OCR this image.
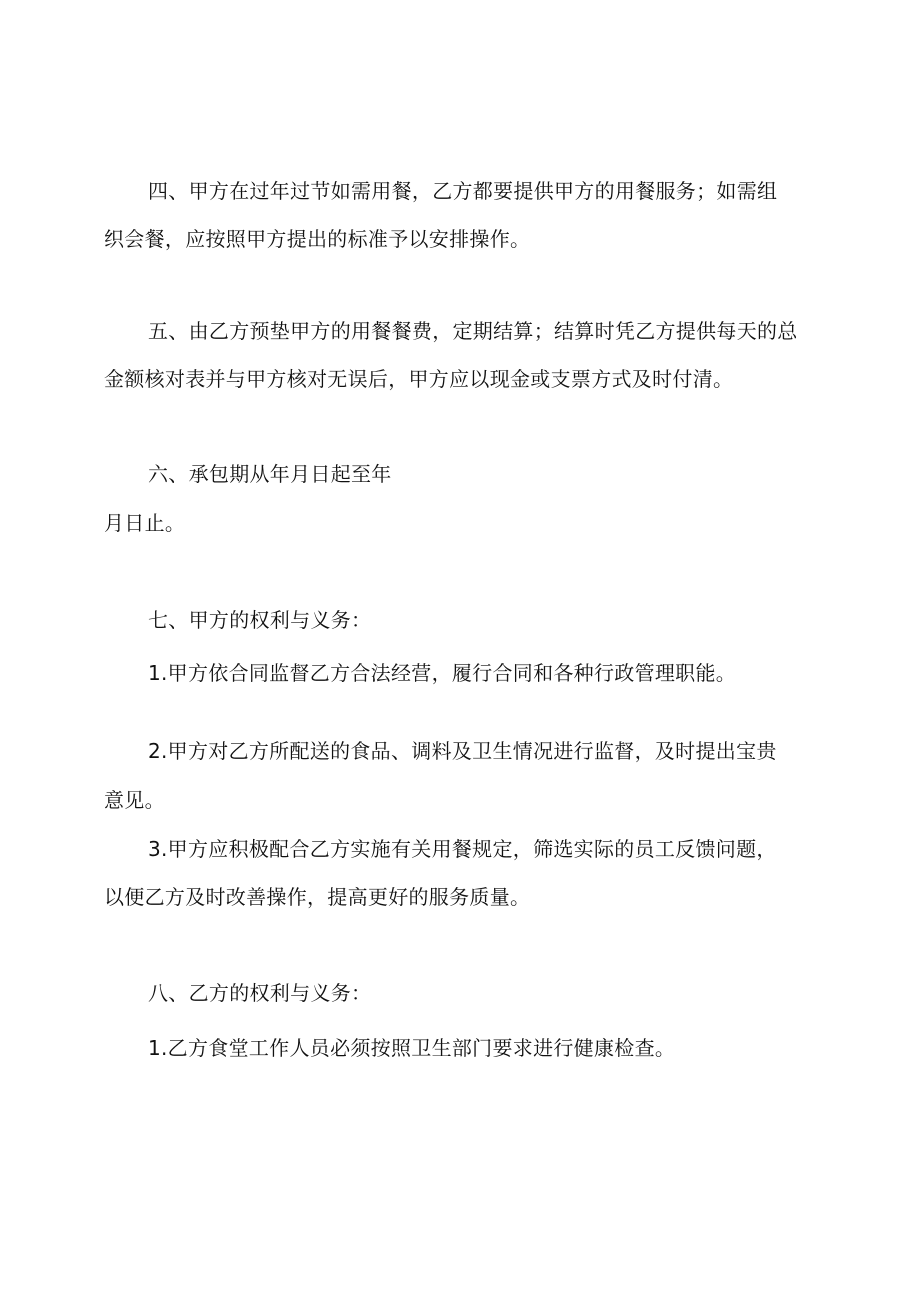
四、甲方在过年过节如需用餐，乙方都要提供甲方的用餐服务；如需组
织会餐，应按照甲方提出的标准予以安排操作。
五、由乙方预垫甲方的用餐餐费，定期结算；结算时凭乙方提供每天的总
金额核对表并与甲方核对无误后，甲方应以现金或支票方式及时付清。
六、承包期从年月日起至年
月日止。
七、甲方的权利与义务：
1.甲方依合同监督乙方合法经营，履行合同和各种行政管理职能。
2.甲方对乙方所配送的食品、调料及卫生情况进行监督，及时提出宝贵
意见。
3.甲方应积极配合乙方实施有关用餐规定，筛选实际的员工反馈问题，
以便乙方及时改善操作，提高更好的服务质量。
八、乙方的权利与义务：
1.乙方食堂工作人员必须按照卫生部门要求进行健康检查。
